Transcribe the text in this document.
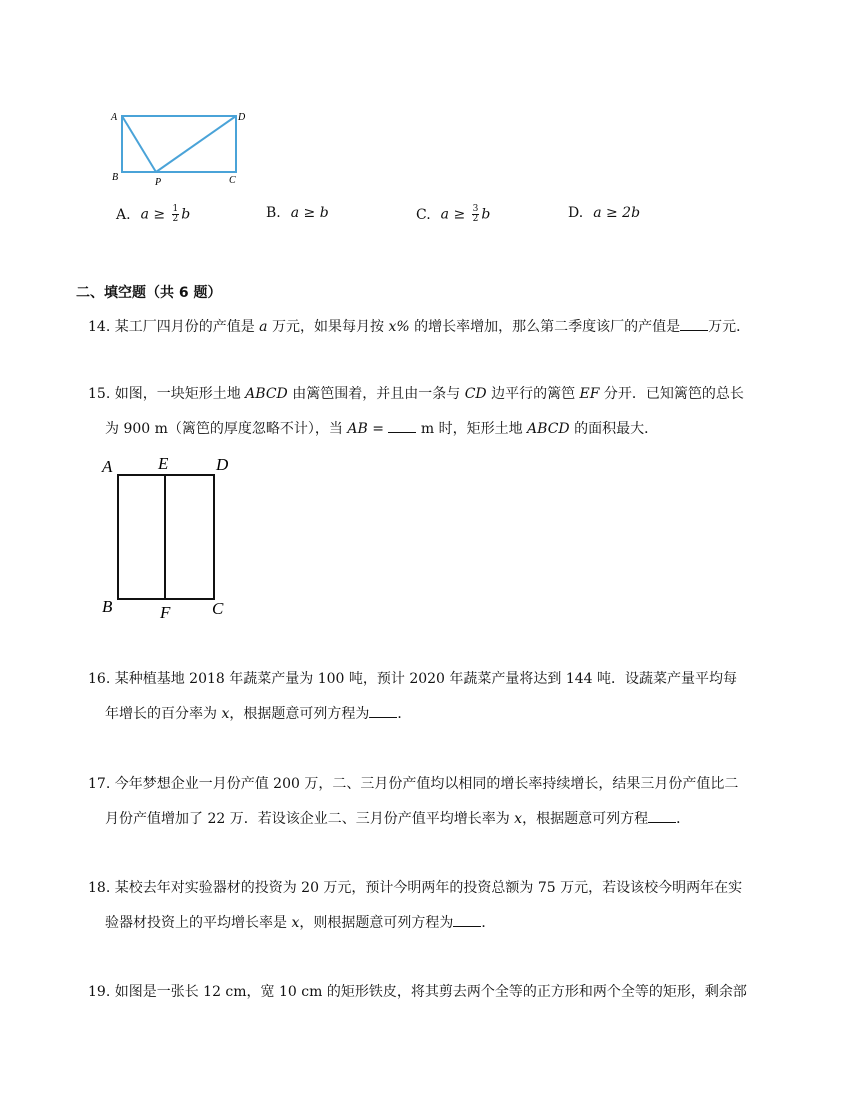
A	D
B	P	C
A. $a \ge \frac{1}{2}$ b	B. a ≥ b	C. $a \ge \frac{3}{2}$ b	D. a ≥ 2b
二、填空题（共 6 题）
14. 某工厂四月份的产值是 a 万元，如果每月按 x% 的增长率增加，那么第二季度该厂的产值是 万元．
15. 如图，一块矩形土地 ABCD 由篱笆围着，并且由一条与 CD 边平行的篱笆 EF 分开．已知篱笆的总长
为 900 m（篱笆的厚度忽略不计），当 AB =  m 时，矩形土地 ABCD 的面积最大．
A	E	D
B	F C
16. 某种植基地 2018 年蔬菜产量为 100 吨，预计 2020 年蔬菜产量将达到 144 吨．设蔬菜产量平均每
年增长的百分率为 x，根据题意可列方程为 ．
17. 今年梦想企业一月份产值 200 万，二、三月份产值均以相同的增长率持续增长，结果三月份产值比二
月份产值增加了 22 万．若设该企业二、三月份产值平均增长率为 x，根据题意可列方程 ．
18. 某校去年对实验器材的投资为 20 万元，预计今明两年的投资总额为 75 万元，若设该校今明两年在实
验器材投资上的平均增长率是 x，则根据题意可列方程为 ．
19. 如图是一张长 12 cm，宽 10 cm 的矩形铁皮，将其剪去两个全等的正方形和两个全等的矩形，剩余部
